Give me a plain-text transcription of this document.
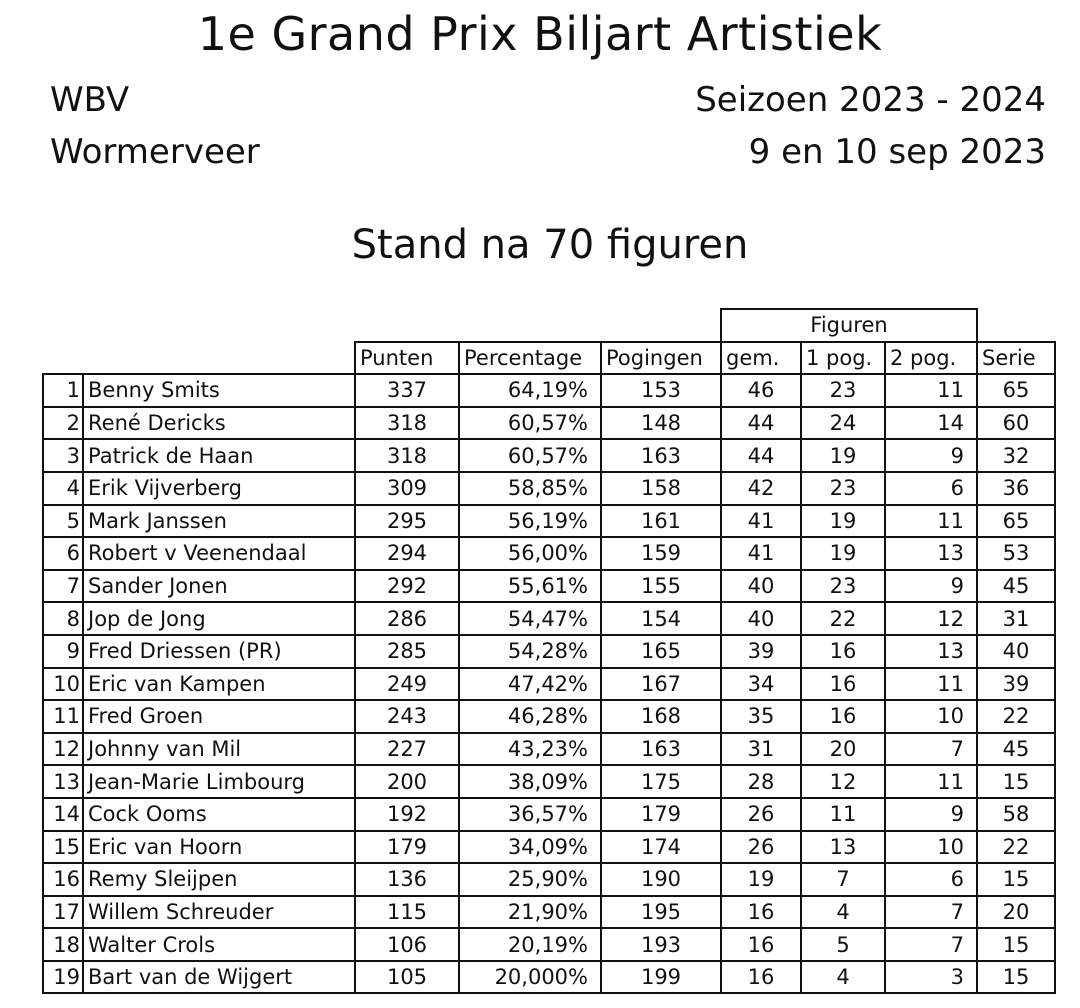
1e Grand Prix Biljart Artistiek
WBV
Wormerveer
Seizoen 2023 - 2024
9 en 10 sep 2023
Stand na 70 figuren
					Figuren			
		Punten	Percentage	Pogingen	gem.	1 pog.	2 pog.	Serie
1	Benny Smits	337	64,19%	153	46	23	11	65
2	René Dericks	318	60,57%	148	44	24	14	60
3	Patrick de Haan	318	60,57%	163	44	19	9	32
4	Erik Vijverberg	309	58,85%	158	42	23	6	36
5	Mark Janssen	295	56,19%	161	41	19	11	65
6	Robert v Veenendaal	294	56,00%	159	41	19	13	53
7	Sander Jonen	292	55,61%	155	40	23	9	45
8	Jop de Jong	286	54,47%	154	40	22	12	31
9	Fred Driessen (PR)	285	54,28%	165	39	16	13	40
10	Eric van Kampen	249	47,42%	167	34	16	11	39
11	Fred Groen	243	46,28%	168	35	16	10	22
12	Johnny van Mil	227	43,23%	163	31	20	7	45
13	Jean-Marie Limbourg	200	38,09%	175	28	12	11	15
14	Cock Ooms	192	36,57%	179	26	11	9	58
15	Eric van Hoorn	179	34,09%	174	26	13	10	22
16	Remy Sleijpen	136	25,90%	190	19	7	6	15
17	Willem Schreuder	115	21,90%	195	16	4	7	20
18	Walter Crols	106	20,19%	193	16	5	7	15
19	Bart van de Wijgert	105	20,000%	199	16	4	3	15
